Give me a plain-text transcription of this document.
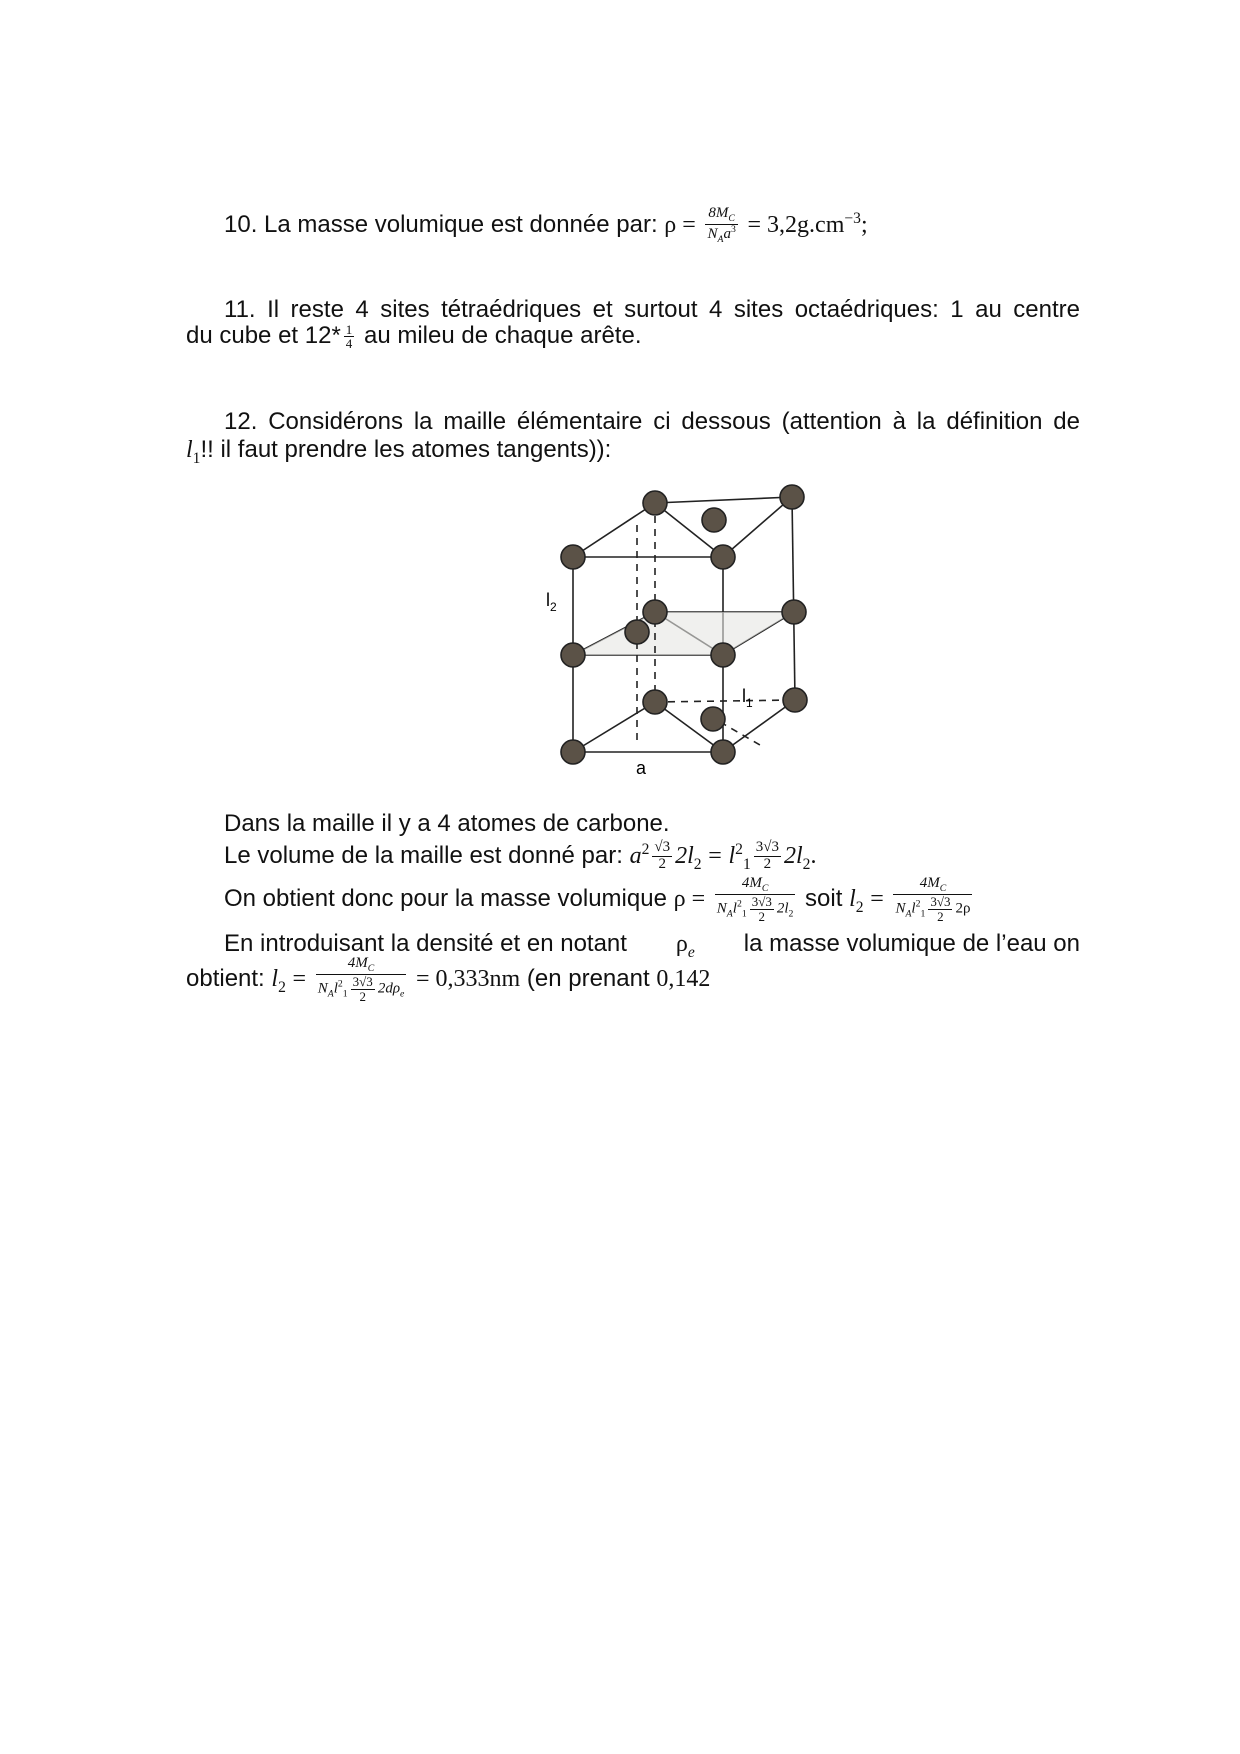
10. La masse volumique est donnée par: $\rho = \frac{8M_C}{N_Aa^3} = 3,2g.cm^{-3}$;
11. Il reste 4 sites tétraédriques et surtout 4 sites octaédriques: 1 au centre
du cube et $12* \frac{1}{4}$ au mileu de chaque arête.
12. Considérons la maille élémentaire ci dessous (attention à la définition de
$l_1$!! il faut prendre les atomes tangents)):
$l_2$
$l_1$
a
Dans la maille il y a 4 atomes de carbone.
Le volume de la maille est donné par: $a^2 \frac{√3}{2} 2l_2 = l^2_1 \frac{3√3}{2} 2l_2$.
On obtient donc pour la masse volumique $\rho = \frac{4M_C}{N_Al^2_1 \frac{3√3}{2} 2l_2}$ soit $l_2 = \frac{4M_C}{N_Al^2_1 \frac{3√3}{2} 2\rho}$
En introduisant la densité et en notant $\rho_e$ la masse volumique de l’eau on
obtient: $l_2 = \frac{4M_C}{N_Al^2_1 \frac{3√3}{2} 2d\rho_e} = 0,333nm$ (en prenant 0,142
